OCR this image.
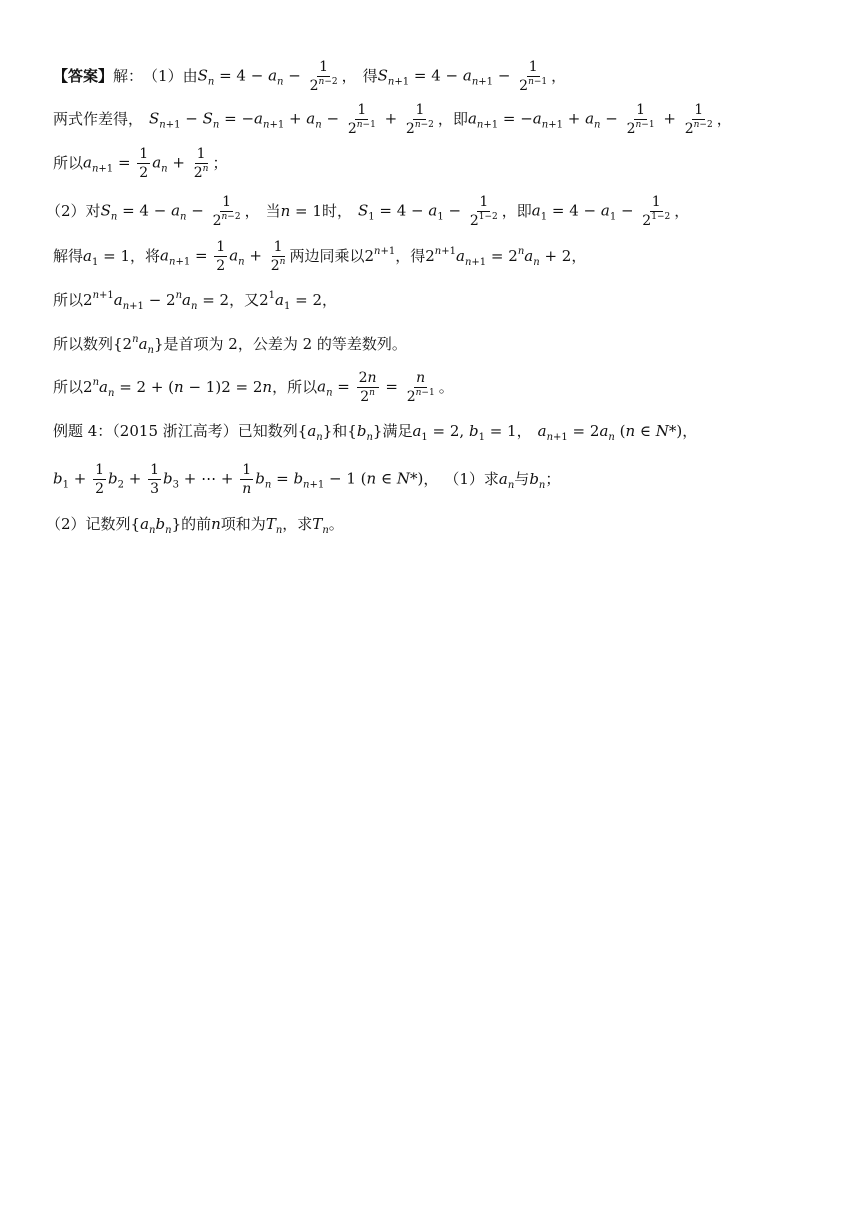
【答案】 解： （1） 由 $S_n = 4 - a_n - \frac{1}{2^{n-2}}$ ， 得 $S_{n+1} = 4 - a_{n+1} - \frac{1}{2^{n-1}}$ ，
两式作差得， $S_{n+1} - S_n = -a_{n+1} + a_n - \frac{1}{2^{n-1}} + \frac{1}{2^{n-2}}$ ， 即 $a_{n+1} = -a_{n+1} + a_n - \frac{1}{2^{n-1}} + \frac{1}{2^{n-2}}$ ，
所以 $a_{n+1} = \frac{1}{2} a_n + \frac{1}{2^n}$ ；
（2） 对 $S_n = 4 - a_n - \frac{1}{2^{n-2}}$ ， 当 n = 1 时， $S_1 = 4 - a_1 - \frac{1}{2^{1-2}}$ ， 即 $a_1 = 4 - a_1 - \frac{1}{2^{1-2}}$ ，
解得 $a_1 = 1$ ， 将 $a_{n+1} = \frac{1}{2} a_n + \frac{1}{2^n}$ 两边同乘以 $2^{n+1}$ ， 得 $2^{n+1}a_{n+1} = 2^na_n + 2$ ，
所以 $2^{n+1}a_{n+1} - 2^na_n = 2$ ， 又 $2^1a_1 = 2$ ，
所以数列 $\{2^na_n\}$ 是首项为 2，公差为 2 的等差数列。
所以 $2^na_n = 2 + (n - 1)2 = 2n$ ， 所以 $a_n = \frac{2n}{2^n} = \frac{n}{2^{n-1}}$ 。
例题 4：（2015 浙江高考）已知数列 $\{a_n\}$ 和 $\{b_n\}$ 满足 $a_1 = 2$, $b_1 = 1$ ， $a_{n+1} = 2a_n$ (n ∈ N*) ，
$b_1 + \frac{1}{2} b_2 + \frac{1}{3} b_3$ + ⋯ + $\frac{1}{n} b_n = b_{n+1} - 1$ (n ∈ N*) ， （1）求 $a_n$ 与 $b_n$ ；
（2）记数列 $\{a_nb_n\}$ 的前 n 项和为 $T_n$ ，求 $T_n$ 。
